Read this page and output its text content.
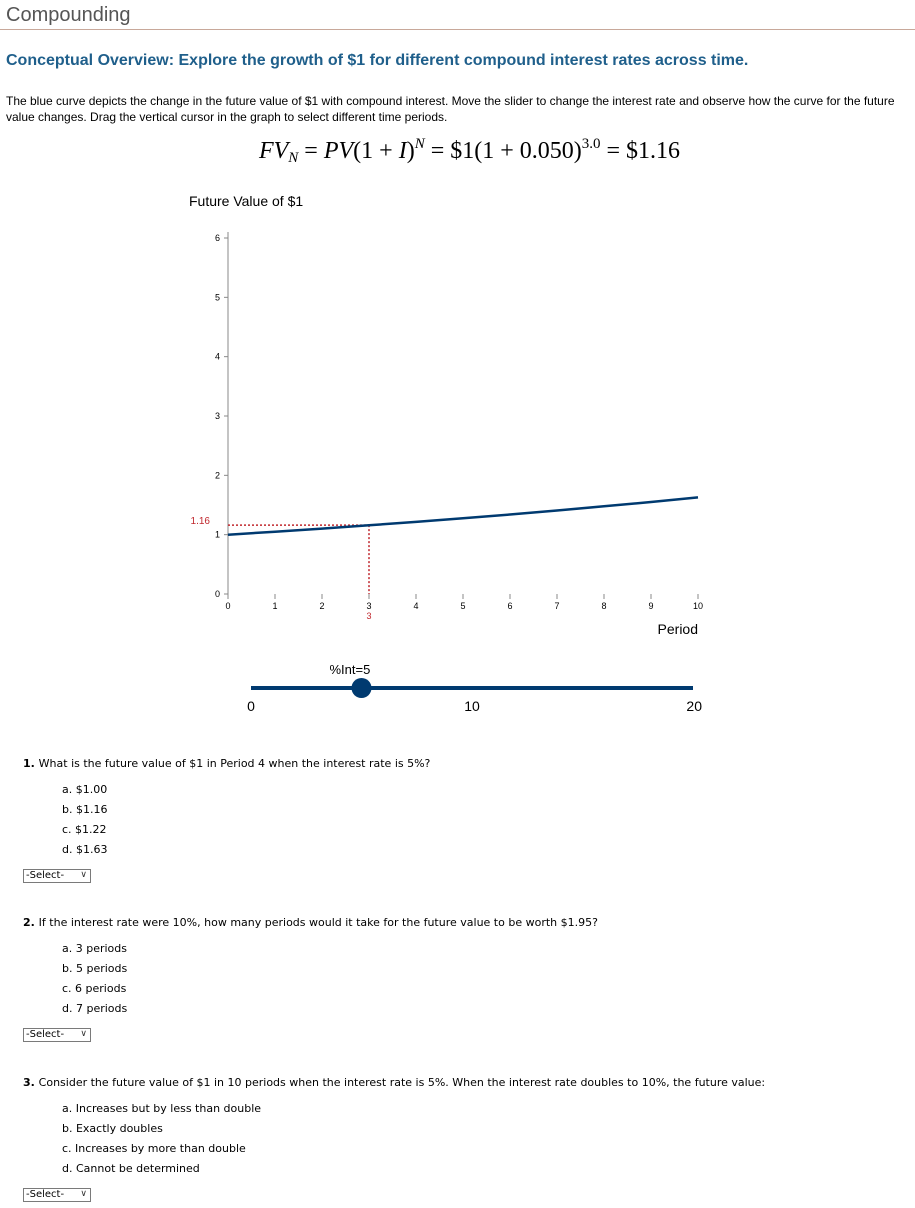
Compounding
Conceptual Overview: Explore the growth of $1 for different compound interest rates across time.
The blue curve depicts the change in the future value of $1 with compound interest. Move the slider to change the interest rate and observe how the curve for the future value changes. Drag the vertical cursor in the graph to select different time periods.
$FV_N = PV(1 + I)^N$ = $1(1 + 0.050)$^{3.0}$ = $1.16
Future Value of $1
0
1
2
3
4
5
6
0	1	2	3	4	5	6	7	8	9	10
Period
1.16
3
%Int=5
0	10	20
1. What is the future value of $1 in Period 4 when the interest rate is 5%?
a. $1.00
b. $1.16
c. $1.22
d. $1.63
-Select- ∨
2. If the interest rate were 10%, how many periods would it take for the future value to be worth $1.95?
a. 3 periods
b. 5 periods
c. 6 periods
d. 7 periods
-Select- ∨
3. Consider the future value of $1 in 10 periods when the interest rate is 5%. When the interest rate doubles to 10%, the future value:
a. Increases but by less than double
b. Exactly doubles
c. Increases by more than double
d. Cannot be determined
-Select- ∨
